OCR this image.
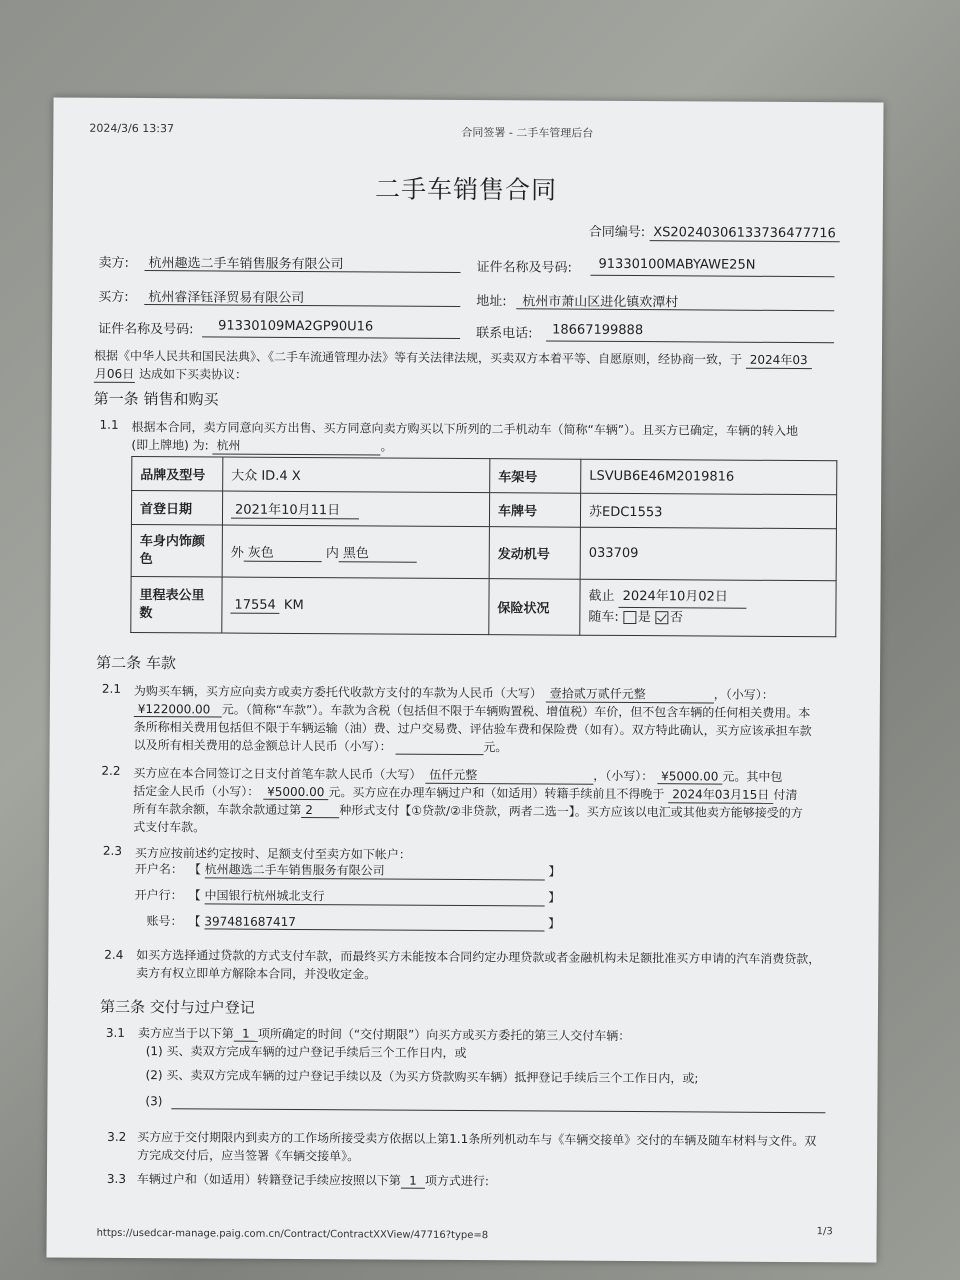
2024/3/6 13:37	合同签署 - 二手车管理后台
二手车销售合同
合同编号: XS20240306133736477716
卖方: 杭州趣选二手车销售服务有限公司	证件名称及号码: 91330100MABYAWE25N
买方: 杭州睿泽钰泽贸易有限公司	地址: 杭州市萧山区进化镇欢潭村
证件名称及号码: 91330109MA2GP90U16	联系电话: 18667199888
根据《中华人民共和国民法典》、《二手车流通管理办法》等有关法律法规，买卖双方本着平等、自愿原则，经协商一致，于 2024年03
月06日 达成如下买卖协议：
第一条 销售和购买
1.1 根据本合同，卖方同意向买方出售、买方同意向卖方购买以下所列的二手机动车（简称“车辆”）。且买方已确定，车辆的转入地
(即上牌地) 为: 杭州	。
品牌及型号	大众 ID.4 X	车架号	LSVUB6E46M2019816
首登日期	2021年10月11日	车牌号	苏EDC1553
车身内饰颜色	外 灰色 内 黑色	发动机号	033709
里程表公里数	17554 KM	保险状况	截止 2024年10月02日
随车: 是 否
第二条 车款
2.1 为购买车辆，买方应向卖方或卖方委托代收款方支付的车款为人民币（大写） 壹拾贰万贰仟元整	，（小写）：
¥122000.00 元。（简称“车款”）。车款为含税（包括但不限于车辆购置税、增值税）车价，但不包含车辆的任何相关费用。本
条所称相关费用包括但不限于车辆运输（油）费、过户交易费、评估验车费和保险费（如有）。双方特此确认，买方应该承担车款
以及所有相关费用的总金额总计人民币（小写）：	元。
2.2 买方应在本合同签订之日支付首笔车款人民币（大写） 伍仟元整	，（小写）： ¥5000.00 元。其中包
括定金人民币（小写）： ¥5000.00 元。买方应在办理车辆过户和（如适用）转籍手续前且不得晚于 2024年03月15日 付清
所有车款余额，车款余款通过第 2 种形式支付【①贷款/②非贷款，两者二选一】。买方应该以电汇或其他卖方能够接受的方
式支付车款。
2.3 买方应按前述约定按时、足额支付至卖方如下帐户：
开户名： 【 杭州趣选二手车销售服务有限公司	】
开户行： 【 中国银行杭州城北支行	】
账号： 【 397481687417	】
2.4 如买方选择通过贷款的方式支付车款，而最终买方未能按本合同约定办理贷款或者金融机构未足额批准买方申请的汽车消费贷款，
卖方有权立即单方解除本合同，并没收定金。
第三条 交付与过户登记
3.1 卖方应当于以下第 1 项所确定的时间（“交付期限”）向买方或买方委托的第三人交付车辆：
(1) 买、卖双方完成车辆的过户登记手续后三个工作日内，或
(2) 买、卖双方完成车辆的过户登记手续以及（为买方贷款购买车辆）抵押登记手续后三个工作日内，或;
(3)
3.2 买方应于交付期限内到卖方的工作场所接受卖方依据以上第1.1条所列机动车与《车辆交接单》交付的车辆及随车材料与文件。双
方完成交付后，应当签署《车辆交接单》。
3.3 车辆过户和（如适用）转籍登记手续应按照以下第 1 项方式进行:
https://usedcar-manage.paig.com.cn/Contract/ContractXXView/47716?type=8	1/3
